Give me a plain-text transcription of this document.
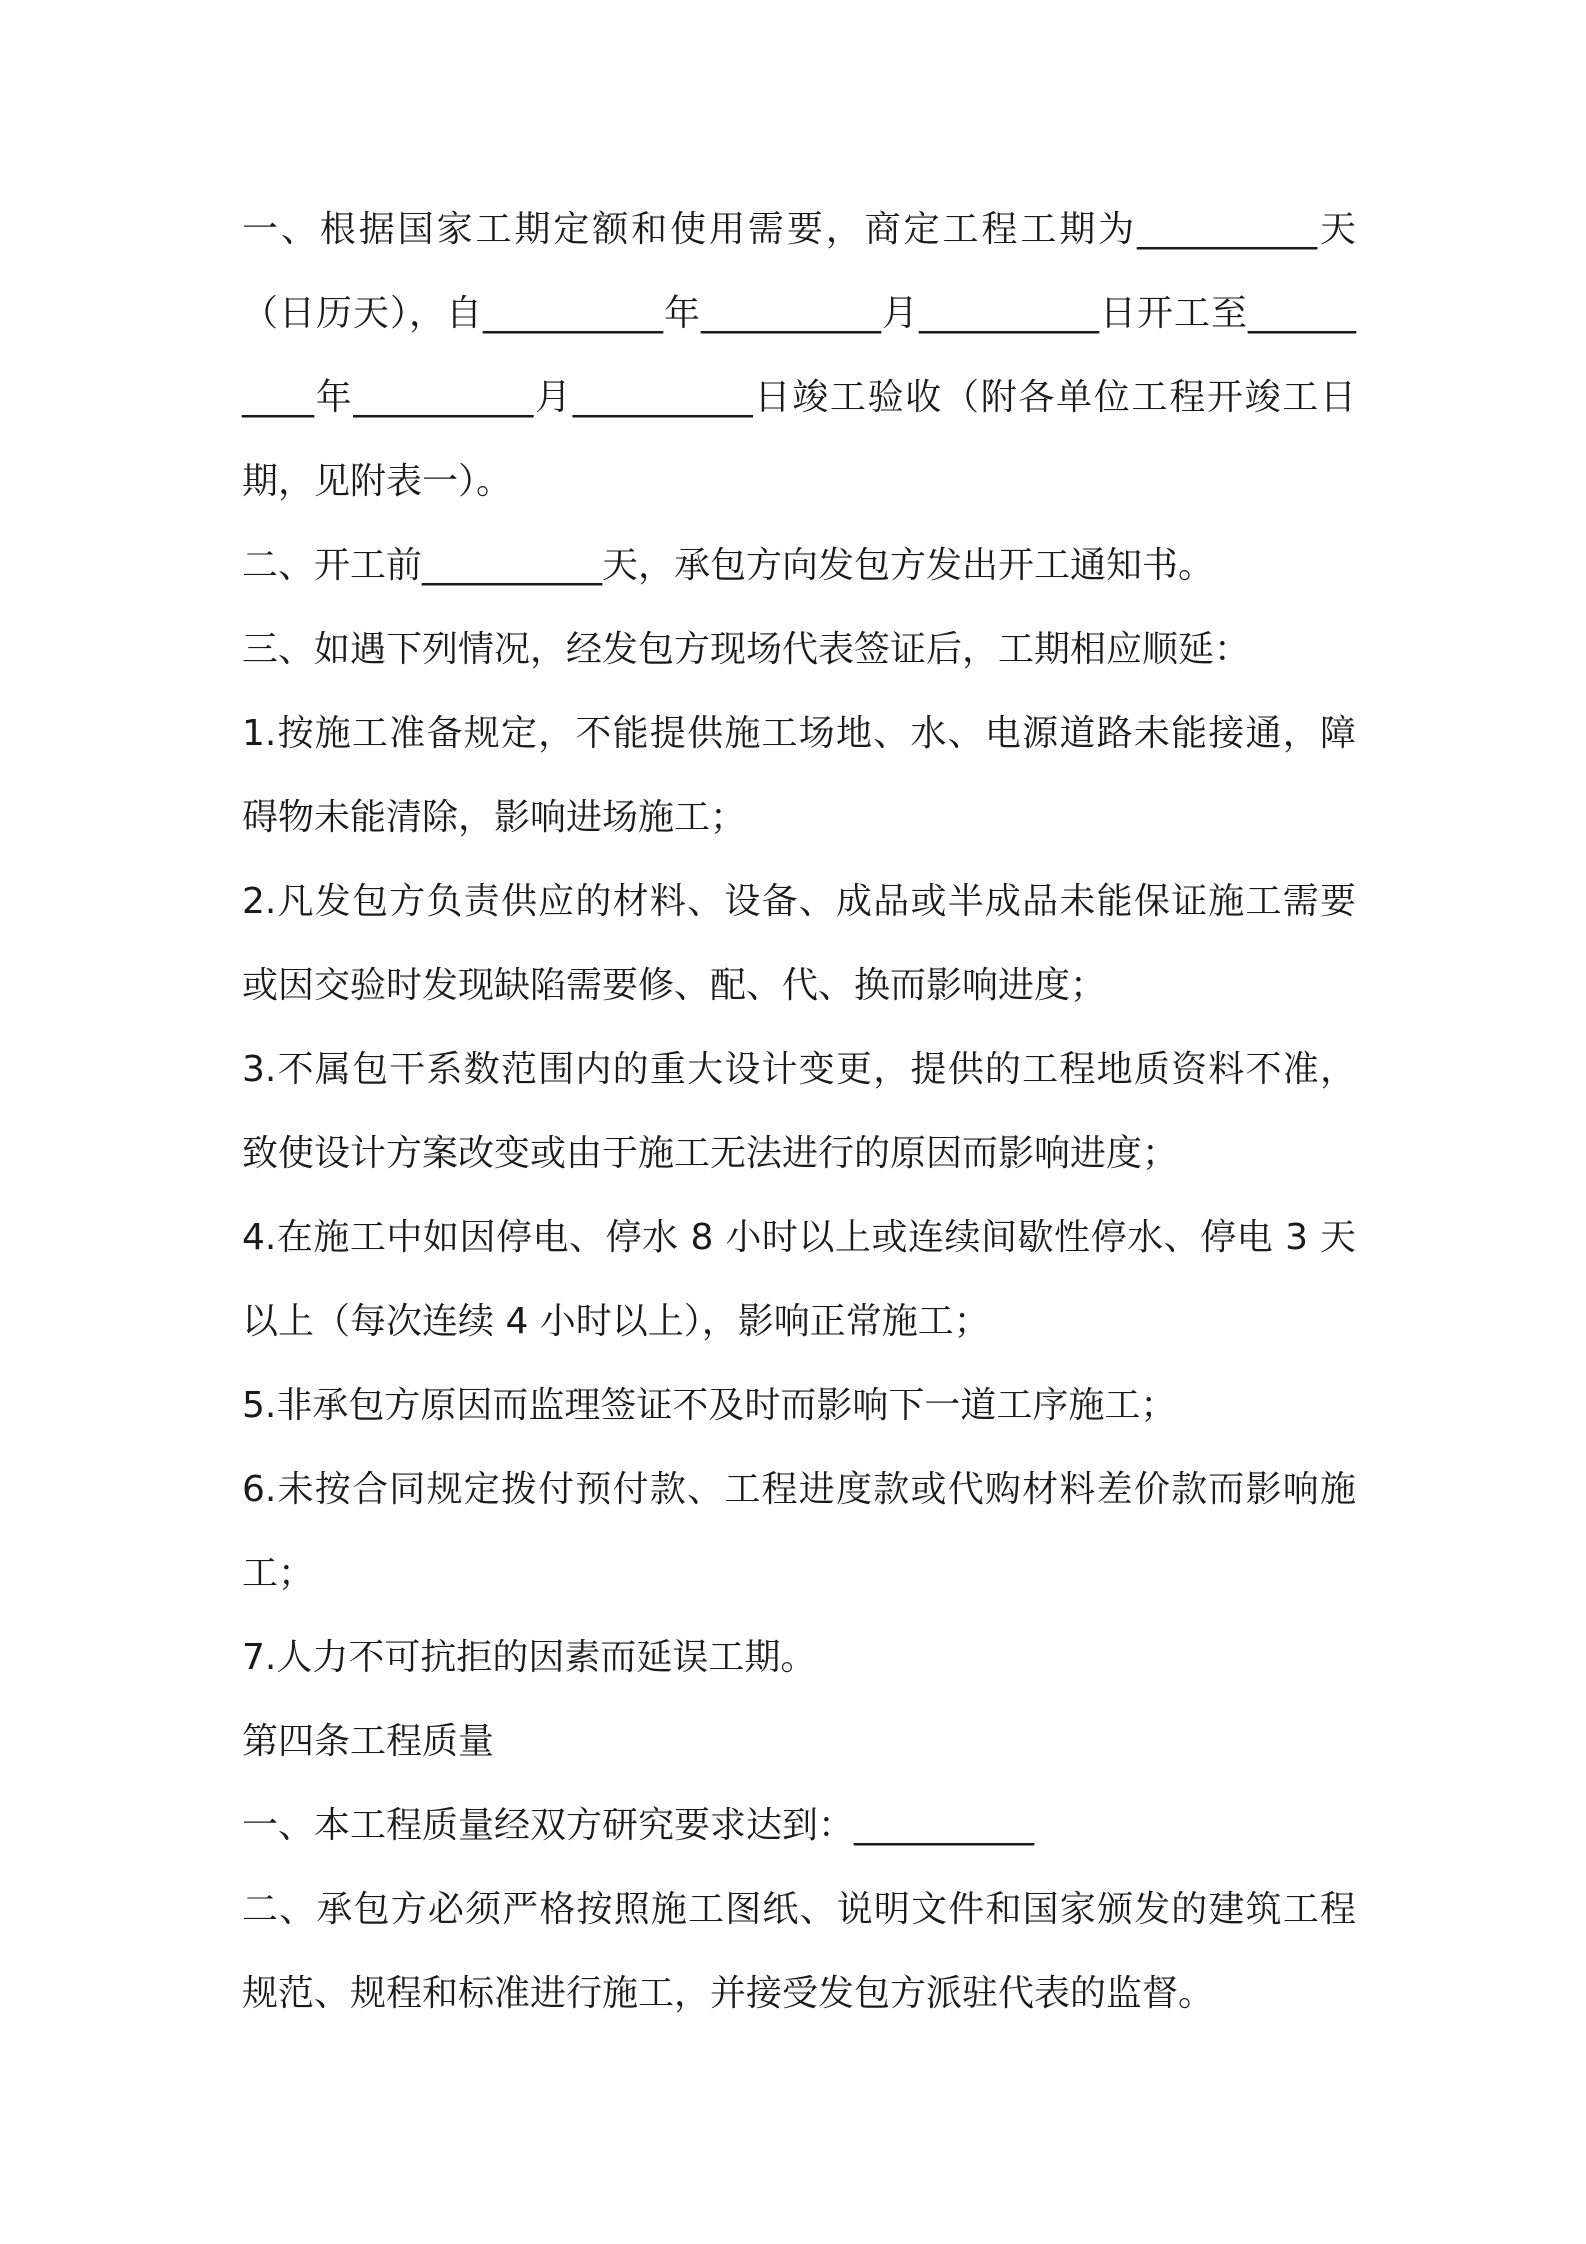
一、根据国家工期定额和使用需要，商定工程工期为__________天（日历天），自__________年__________月__________日开工至__________年__________月__________日竣工验收（附各单位工程开竣工日期，见附表一）。

二、开工前__________天，承包方向发包方发出开工通知书。

三、如遇下列情况，经发包方现场代表签证后，工期相应顺延：

1.按施工准备规定，不能提供施工场地、水、电源道路未能接通，障碍物未能清除，影响进场施工；

2.凡发包方负责供应的材料、设备、成品或半成品未能保证施工需要或因交验时发现缺陷需要修、配、代、换而影响进度；

3.不属包干系数范围内的重大设计变更，提供的工程地质资料不准，致使设计方案改变或由于施工无法进行的原因而影响进度；

4.在施工中如因停电、停水 8 小时以上或连续间歇性停水、停电 3 天以上（每次连续 4 小时以上），影响正常施工；

5.非承包方原因而监理签证不及时而影响下一道工序施工；

6.未按合同规定拨付预付款、工程进度款或代购材料差价款而影响施工；

7.人力不可抗拒的因素而延误工期。

第四条工程质量

一、本工程质量经双方研究要求达到：__________

二、承包方必须严格按照施工图纸、说明文件和国家颁发的建筑工程规范、规程和标准进行施工，并接受发包方派驻代表的监督。
